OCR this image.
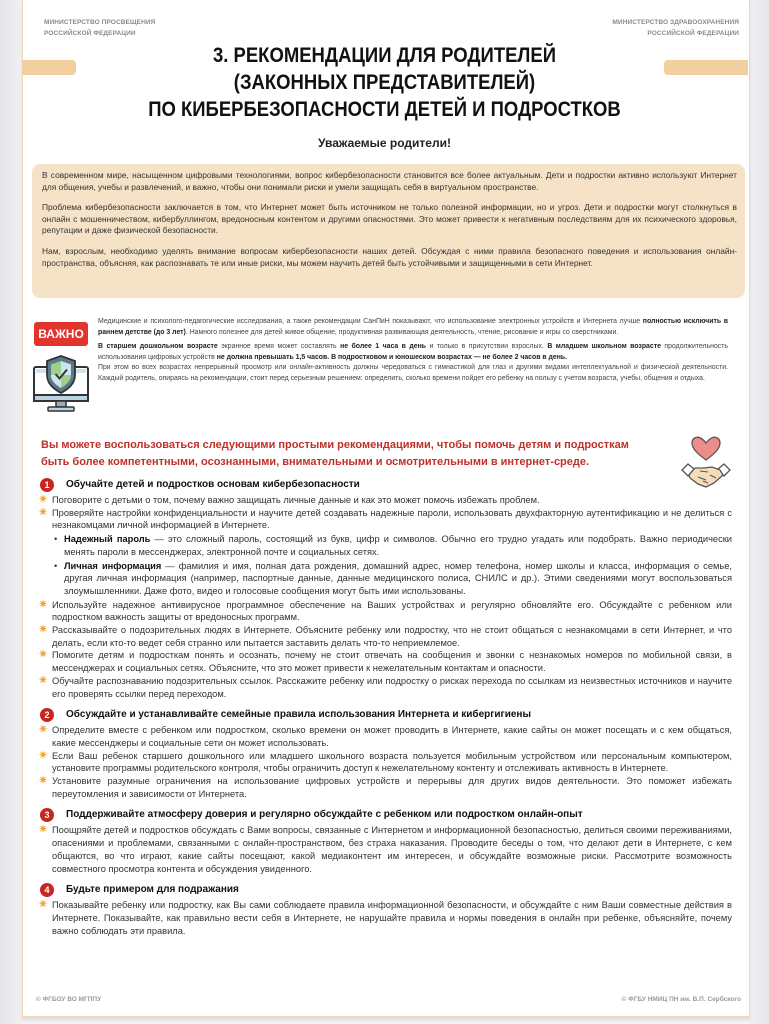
МИНИСТЕРСТВО ПРОСВЕЩЕНИЯ
РОССИЙСКОЙ ФЕДЕРАЦИИ
МИНИСТЕРСТВО ЗДРАВООХРАНЕНИЯ
РОССИЙСКОЙ ФЕДЕРАЦИИ
3. РЕКОМЕНДАЦИИ ДЛЯ РОДИТЕЛЕЙ
(ЗАКОННЫХ ПРЕДСТАВИТЕЛЕЙ)
ПО КИБЕРБЕЗОПАСНОСТИ ДЕТЕЙ И ПОДРОСТКОВ
Уважаемые родители!

В современном мире, насыщенном цифровыми технологиями, вопрос кибербезопасности становится все более актуальным. Дети и подростки активно используют Интернет для общения, учебы и развлечений, и важно, чтобы они понимали риски и умели защищать себя в виртуальном пространстве.

Проблема кибербезопасности заключается в том, что Интернет может быть источником не только полезной информации, но и угроз. Дети и подростки могут столкнуться в онлайн с мошенничеством, кибербуллингом, вредоносным контентом и другими опасностями. Это может привести к негативным последствиям для их психического здоровья, репутации и даже физической безопасности.

Нам, взрослым, необходимо уделять внимание вопросам кибербезопасности наших детей. Обсуждая с ними правила безопасного поведения и использования онлайн-пространства, объясняя, как распознавать те или иные риски, мы можем научить детей быть устойчивыми и защищенными в сети Интернет.

ВАЖНО

Медицинские и психолого-педагогические исследования, а также рекомендации СанПиН показывают, что использование электронных устройств и Интернета лучше полностью исключить в раннем детстве (до 3 лет). Намного полезнее для детей живое общение, продуктивная развивающая деятельность, чтение, рисование и игры со сверстниками.

В старшем дошкольном возрасте экранное время может составлять не более 1 часа в день и только в присутствии взрослых. В младшем школьном возрасте продолжительность использования цифровых устройств не должна превышать 1,5 часов. В подростковом и юношеском возрастах — не более 2 часов в день.

При этом во всех возрастах непрерывный просмотр или онлайн-активность должны чередоваться с гимнастикой для глаз и другими видами интеллектуальной и физической деятельности. Каждый родитель, опираясь на рекомендации, стоит перед серьезным решением: определить, сколько времени пойдет его ребенку на пользу с учетом возраста, учебы, общения и отдыха.

Вы можете воспользоваться следующими простыми рекомендациями, чтобы помочь детям и подросткам быть более компетентными, осознанными, внимательными и осмотрительными в интернет-среде.
1	Обучайте детей и подростков основам кибербезопасности
✷ Поговорите с детьми о том, почему важно защищать личные данные и как это может помочь избежать проблем.
✷ Проверяйте настройки конфиденциальности и научите детей создавать надежные пароли, использовать двухфакторную аутентификацию и не делиться с незнакомцами личной информацией в Интернете.
• Надежный пароль — это сложный пароль, состоящий из букв, цифр и символов. Обычно его трудно угадать или подобрать. Важно периодически менять пароли в мессенджерах, электронной почте и социальных сетях.
• Личная информация — фамилия и имя, полная дата рождения, домашний адрес, номер телефона, номер школы и класса, информация о семье, другая личная информация (например, паспортные данные, данные медицинского полиса, СНИЛС и др.). Этими сведениями могут воспользоваться злоумышленники. Даже фото, видео и голосовые сообщения могут быть ими использованы.
✷ Используйте надежное антивирусное программное обеспечение на Ваших устройствах и регулярно обновляйте его. Обсуждайте с ребенком или подростком важность защиты от вредоносных программ.
✷ Рассказывайте о подозрительных людях в Интернете. Объясните ребенку или подростку, что не стоит общаться с незнакомцами в сети Интернет, и что делать, если кто-то ведет себя странно или пытается заставить делать что-то неприемлемое.
✷ Помогите детям и подросткам понять и осознать, почему не стоит отвечать на сообщения и звонки с незнакомых номеров по мобильной связи, в мессенджерах и социальных сетях. Объясните, что это может привести к нежелательным контактам и опасности.
✷ Обучайте распознаванию подозрительных ссылок. Расскажите ребенку или подростку о рисках перехода по ссылкам из неизвестных источников и научите его проверять ссылки перед переходом.
2	Обсуждайте и устанавливайте семейные правила использования Интернета и кибергигиены
✷ Определите вместе с ребенком или подростком, сколько времени он может проводить в Интернете, какие сайты он может посещать и с кем общаться, какие мессенджеры и социальные сети он может использовать.
✷ Если Ваш ребенок старшего дошкольного или младшего школьного возраста пользуется мобильным устройством или персональным компьютером, установите программы родительского контроля, чтобы ограничить доступ к нежелательному контенту и отслеживать активность в Интернете.
✷ Установите разумные ограничения на использование цифровых устройств и перерывы для других видов деятельности. Это поможет избежать переутомления и зависимости от Интернета.
3	Поддерживайте атмосферу доверия и регулярно обсуждайте с ребенком или подростком онлайн-опыт
✷ Поощряйте детей и подростков обсуждать с Вами вопросы, связанные с Интернетом и информационной безопасностью, делиться своими переживаниями, опасениями и проблемами, связанными с онлайн-пространством, без страха наказания. Проводите беседы о том, что делают дети в Интернете, с кем общаются, во что играют, какие сайты посещают, какой медиаконтент им интересен, и обсуждайте возможные риски. Рассмотрите возможность совместного просмотра контента и обсуждения увиденного.
4	Будьте примером для подражания
✷ Показывайте ребенку или подростку, как Вы сами соблюдаете правила информационной безопасности, и обсуждайте с ним Ваши совместные действия в Интернете. Показывайте, как правильно вести себя в Интернете, не нарушайте правила и нормы поведения в онлайн при ребенке, объясняйте, почему важно соблюдать эти правила.
© ФГБОУ ВО МГППУ	© ФГБУ НМИЦ ПН им. В.П. Сербского
